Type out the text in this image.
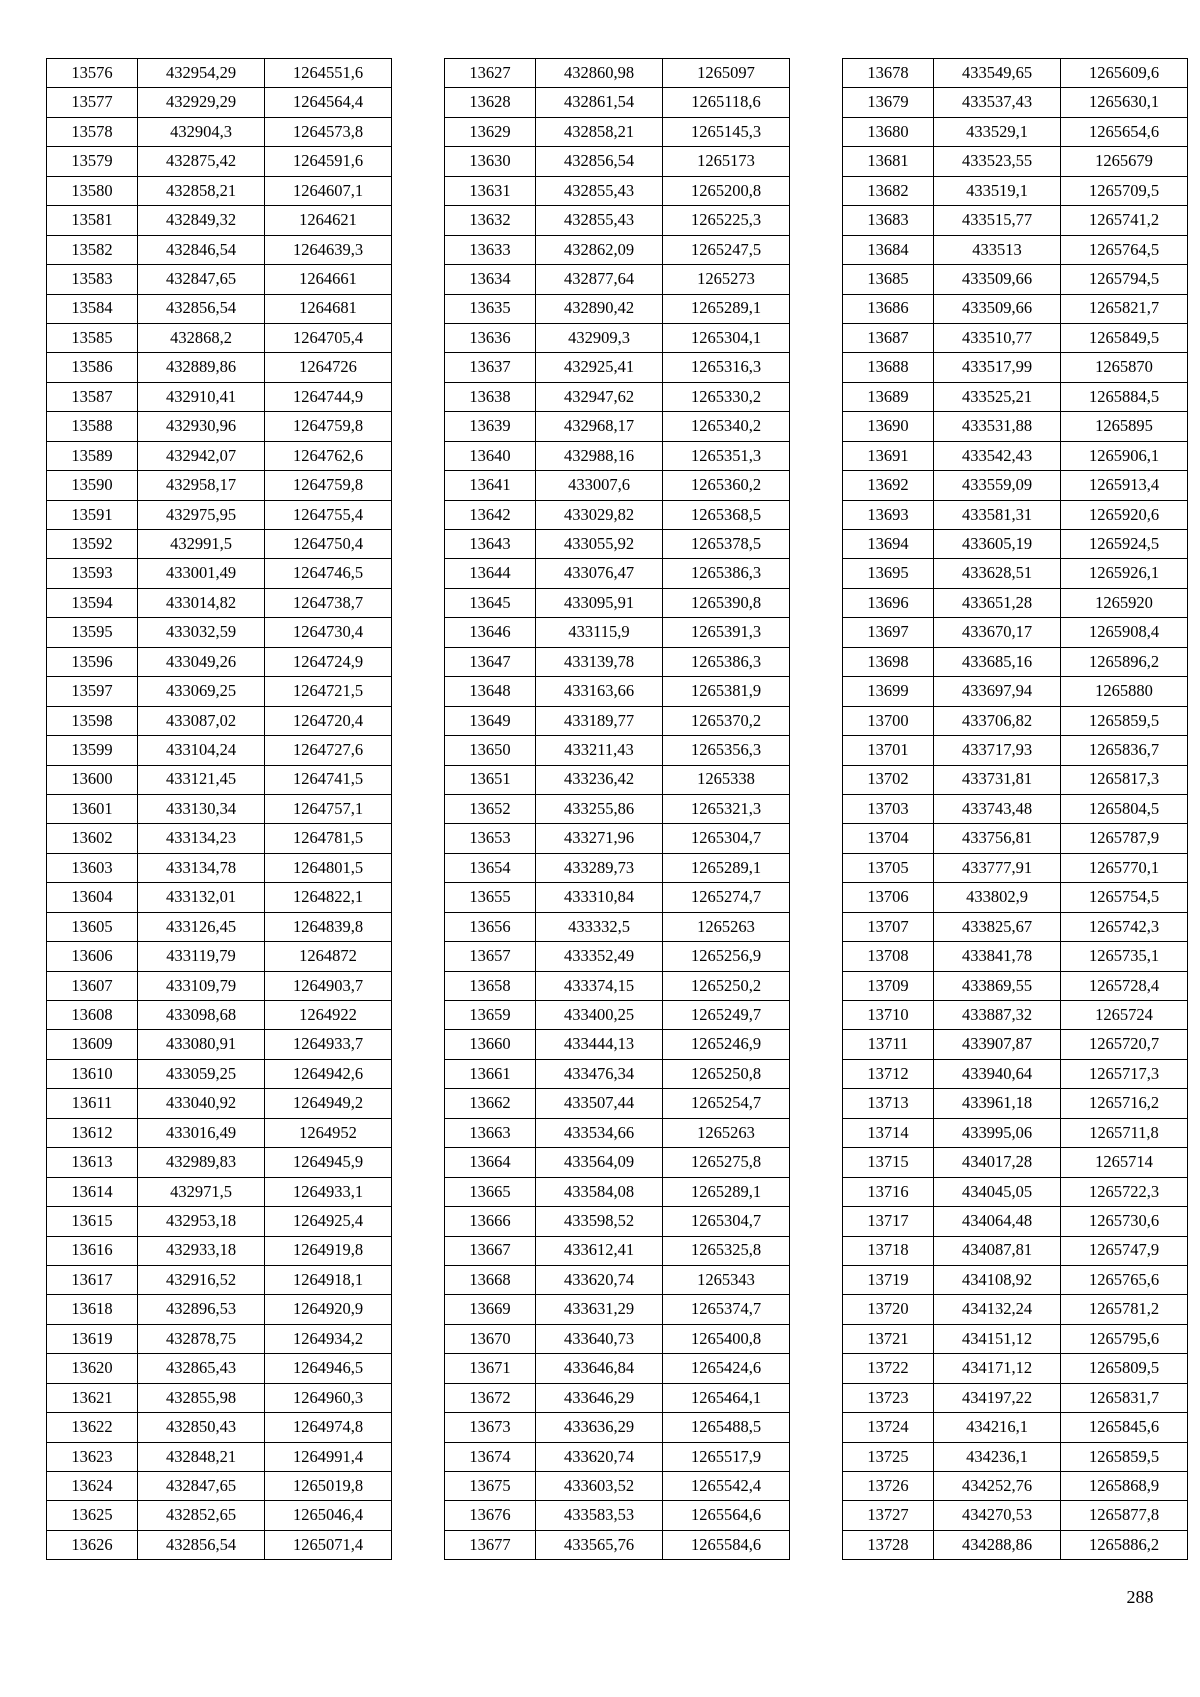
13576	432954,29	1264551,6
13577	432929,29	1264564,4
13578	432904,3	1264573,8
13579	432875,42	1264591,6
13580	432858,21	1264607,1
13581	432849,32	1264621
13582	432846,54	1264639,3
13583	432847,65	1264661
13584	432856,54	1264681
13585	432868,2	1264705,4
13586	432889,86	1264726
13587	432910,41	1264744,9
13588	432930,96	1264759,8
13589	432942,07	1264762,6
13590	432958,17	1264759,8
13591	432975,95	1264755,4
13592	432991,5	1264750,4
13593	433001,49	1264746,5
13594	433014,82	1264738,7
13595	433032,59	1264730,4
13596	433049,26	1264724,9
13597	433069,25	1264721,5
13598	433087,02	1264720,4
13599	433104,24	1264727,6
13600	433121,45	1264741,5
13601	433130,34	1264757,1
13602	433134,23	1264781,5
13603	433134,78	1264801,5
13604	433132,01	1264822,1
13605	433126,45	1264839,8
13606	433119,79	1264872
13607	433109,79	1264903,7
13608	433098,68	1264922
13609	433080,91	1264933,7
13610	433059,25	1264942,6
13611	433040,92	1264949,2
13612	433016,49	1264952
13613	432989,83	1264945,9
13614	432971,5	1264933,1
13615	432953,18	1264925,4
13616	432933,18	1264919,8
13617	432916,52	1264918,1
13618	432896,53	1264920,9
13619	432878,75	1264934,2
13620	432865,43	1264946,5
13621	432855,98	1264960,3
13622	432850,43	1264974,8
13623	432848,21	1264991,4
13624	432847,65	1265019,8
13625	432852,65	1265046,4
13626	432856,54	1265071,4
13627	432860,98	1265097
13628	432861,54	1265118,6
13629	432858,21	1265145,3
13630	432856,54	1265173
13631	432855,43	1265200,8
13632	432855,43	1265225,3
13633	432862,09	1265247,5
13634	432877,64	1265273
13635	432890,42	1265289,1
13636	432909,3	1265304,1
13637	432925,41	1265316,3
13638	432947,62	1265330,2
13639	432968,17	1265340,2
13640	432988,16	1265351,3
13641	433007,6	1265360,2
13642	433029,82	1265368,5
13643	433055,92	1265378,5
13644	433076,47	1265386,3
13645	433095,91	1265390,8
13646	433115,9	1265391,3
13647	433139,78	1265386,3
13648	433163,66	1265381,9
13649	433189,77	1265370,2
13650	433211,43	1265356,3
13651	433236,42	1265338
13652	433255,86	1265321,3
13653	433271,96	1265304,7
13654	433289,73	1265289,1
13655	433310,84	1265274,7
13656	433332,5	1265263
13657	433352,49	1265256,9
13658	433374,15	1265250,2
13659	433400,25	1265249,7
13660	433444,13	1265246,9
13661	433476,34	1265250,8
13662	433507,44	1265254,7
13663	433534,66	1265263
13664	433564,09	1265275,8
13665	433584,08	1265289,1
13666	433598,52	1265304,7
13667	433612,41	1265325,8
13668	433620,74	1265343
13669	433631,29	1265374,7
13670	433640,73	1265400,8
13671	433646,84	1265424,6
13672	433646,29	1265464,1
13673	433636,29	1265488,5
13674	433620,74	1265517,9
13675	433603,52	1265542,4
13676	433583,53	1265564,6
13677	433565,76	1265584,6
13678	433549,65	1265609,6
13679	433537,43	1265630,1
13680	433529,1	1265654,6
13681	433523,55	1265679
13682	433519,1	1265709,5
13683	433515,77	1265741,2
13684	433513	1265764,5
13685	433509,66	1265794,5
13686	433509,66	1265821,7
13687	433510,77	1265849,5
13688	433517,99	1265870
13689	433525,21	1265884,5
13690	433531,88	1265895
13691	433542,43	1265906,1
13692	433559,09	1265913,4
13693	433581,31	1265920,6
13694	433605,19	1265924,5
13695	433628,51	1265926,1
13696	433651,28	1265920
13697	433670,17	1265908,4
13698	433685,16	1265896,2
13699	433697,94	1265880
13700	433706,82	1265859,5
13701	433717,93	1265836,7
13702	433731,81	1265817,3
13703	433743,48	1265804,5
13704	433756,81	1265787,9
13705	433777,91	1265770,1
13706	433802,9	1265754,5
13707	433825,67	1265742,3
13708	433841,78	1265735,1
13709	433869,55	1265728,4
13710	433887,32	1265724
13711	433907,87	1265720,7
13712	433940,64	1265717,3
13713	433961,18	1265716,2
13714	433995,06	1265711,8
13715	434017,28	1265714
13716	434045,05	1265722,3
13717	434064,48	1265730,6
13718	434087,81	1265747,9
13719	434108,92	1265765,6
13720	434132,24	1265781,2
13721	434151,12	1265795,6
13722	434171,12	1265809,5
13723	434197,22	1265831,7
13724	434216,1	1265845,6
13725	434236,1	1265859,5
13726	434252,76	1265868,9
13727	434270,53	1265877,8
13728	434288,86	1265886,2
288
